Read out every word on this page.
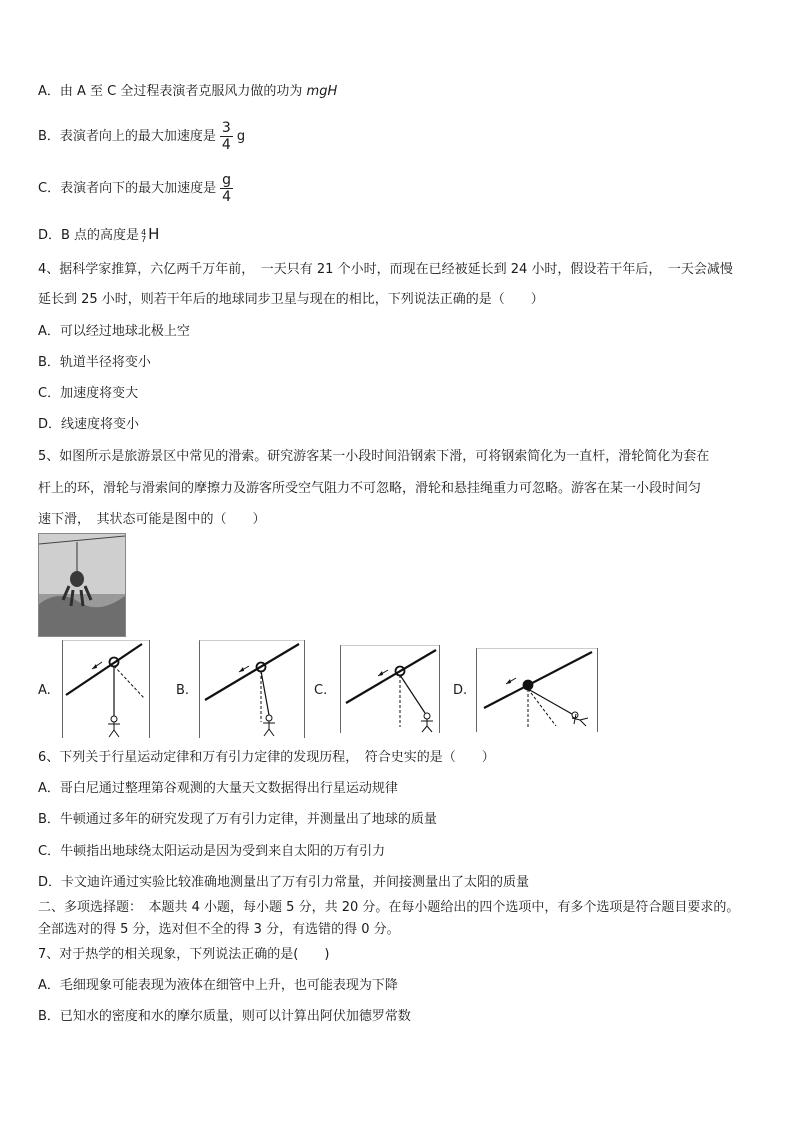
A．由 A 至 C 全过程表演者克服风力做的功为 mgH
B．表演者向上的最大加速度是 $\frac{3}{4}$ g
C．表演者向下的最大加速度是 $\frac{g}{4}$
D．B 点的高度是 4
7 H
4、据科学家推算，六亿两千万年前，　一天只有 21 个小时，而现在已经被延长到 24 小时，假设若干年后，　一天会减慢
延长到 25 小时，则若干年后的地球同步卫星与现在的相比，下列说法正确的是（　　）
A．可以经过地球北极上空
B．轨道半径将变小
C．加速度将变大
D．线速度将变小
5、如图所示是旅游景区中常见的滑索。研究游客某一小段时间沿钢索下滑，可将钢索简化为一直杆，滑轮简化为套在
杆上的环，滑轮与滑索间的摩擦力及游客所受空气阻力不可忽略，滑轮和悬挂绳重力可忽略。游客在某一小段时间匀
速下滑，　其状态可能是图中的（　　）
A.	B.	C.	D.
6、下列关于行星运动定律和万有引力定律的发现历程，　符合史实的是（　　）
A．哥白尼通过整理第谷观测的大量天文数据得出行星运动规律
B．牛顿通过多年的研究发现了万有引力定律，并测量出了地球的质量
C．牛顿指出地球绕太阳运动是因为受到来自太阳的万有引力
D．卡文迪许通过实验比较准确地测量出了万有引力常量，并间接测量出了太阳的质量
二、多项选择题：　本题共 4 小题，每小题 5 分，共 20 分。在每小题给出的四个选项中，有多个选项是符合题目要求的。
全部选对的得 5 分，选对但不全的得 3 分，有选错的得 0 分。
7、对于热学的相关现象，下列说法正确的是(　　)
A．毛细现象可能表现为液体在细管中上升，也可能表现为下降
B．已知水的密度和水的摩尔质量，则可以计算出阿伏加德罗常数
